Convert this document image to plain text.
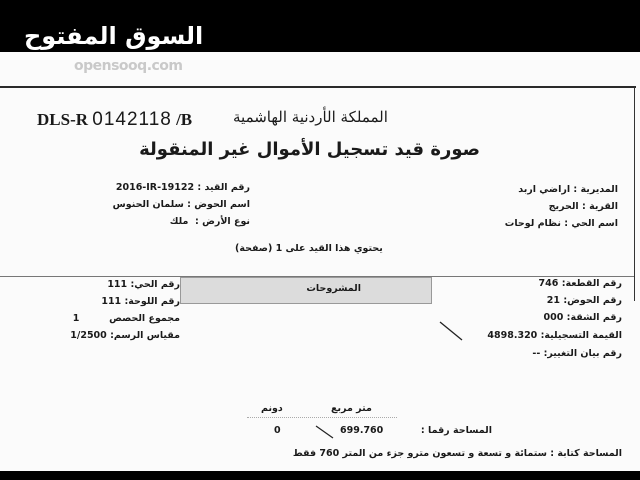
السوق المفتوح
opensooq.com
DLS-R 0142118 /B	المملكة الأردنية الهاشمية
صورة قيد تسجيل الأموال غير المنقولة
رقم القيد : 2016-IR-19122
اسم الحوض : سلمان الحنوس
نوع الأرض :  ملك
المديرية : اراضي اربد
القرية : الحريج
اسم الحي : نظام لوحات
يحتوي هذا القيد على 1 (صفحة)
المشروحات
رقم الحي: 111
رقم اللوحة: 111
مجموع الحصص         1
مقياس الرسم: 1/2500
رقم القطعة: 746
رقم الحوض: 21
رقم الشقة: 000
القيمة التسجيلية: 4898.320
رقم بيان التغيير: --
متر مربع
دونم
المساحة رقما :
699.760
0
المساحة كتابة : ستمائة و تسعة و تسعون مترو جزء من المتر 760 فقط
